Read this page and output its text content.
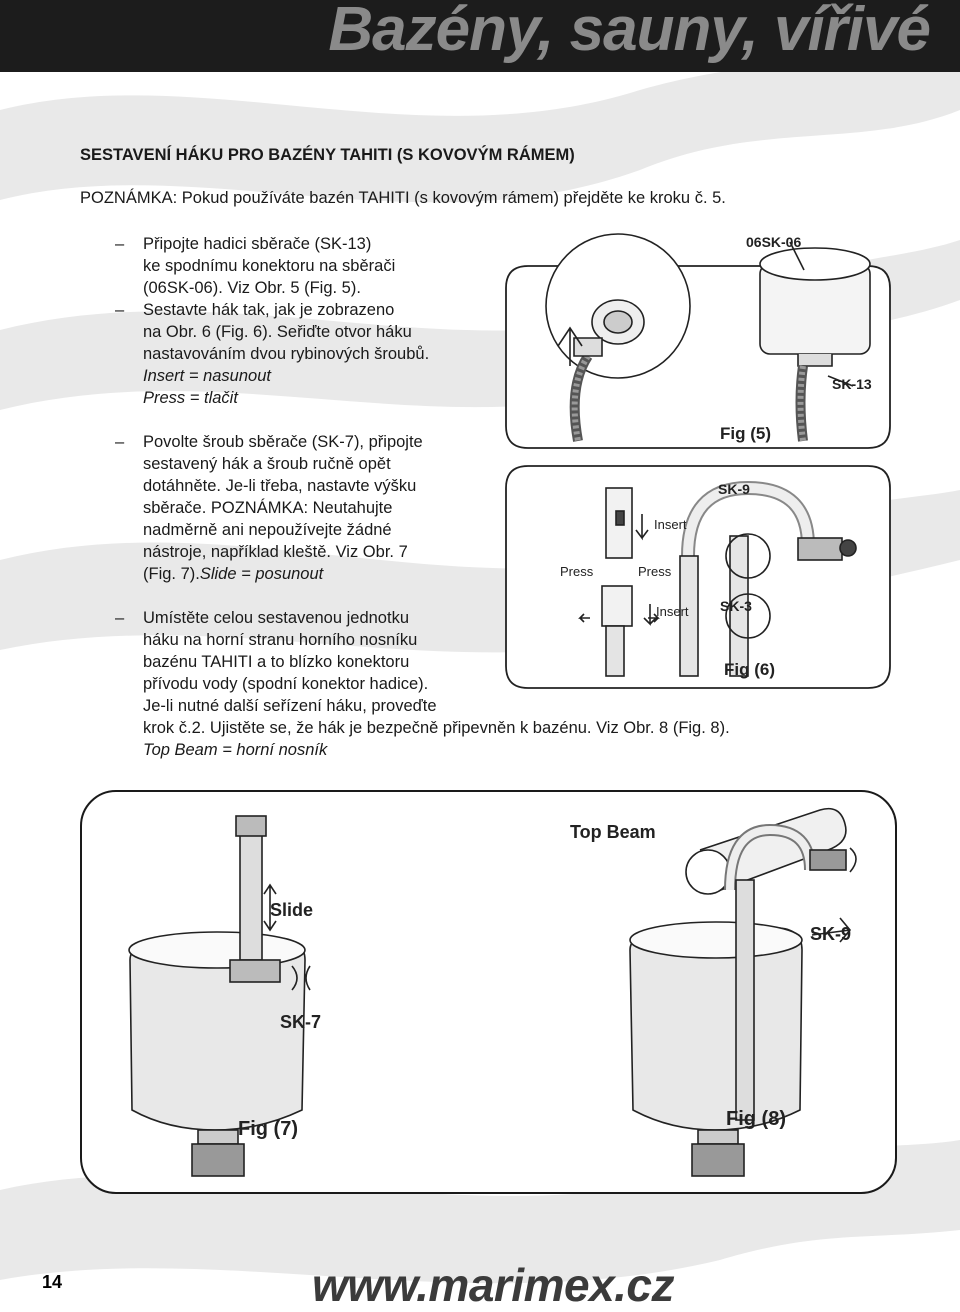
Bazény, sauny, vířivé
SESTAVENÍ HÁKU PRO BAZÉNY TAHITI (S KOVOVÝM RÁMEM)
POZNÁMKA: Pokud používáte bazén TAHITI (s kovovým rámem) přejděte ke kroku č. 5.
–	Připojte hadici sběrače (SK-13)
ke spodnímu konektoru na sběrači
(06SK-06). Viz Obr. 5 (Fig. 5).
–	Sestavte hák tak, jak je zobrazeno
na Obr. 6 (Fig. 6). Seřiďte otvor háku
nastavováním dvou rybinových šroubů.
Insert = nasunout
Press = tlačit
–	Povolte šroub sběrače (SK-7), připojte
sestavený hák a šroub ručně opět
dotáhněte. Je-li třeba, nastavte výšku
sběrače. POZNÁMKA: Neutahujte
nadměrně ani nepoužívejte žádné
nástroje, například kleště. Viz Obr. 7
(Fig. 7).Slide = posunout
–	Umístěte celou sestavenou jednotku
háku na horní stranu horního nosníku
bazénu TAHITI a to blízko konektoru
přívodu vody (spodní konektor hadice).
Je-li nutné další seřízení háku, proveďte
krok č.2. Ujistěte se, že hák je bezpečně připevněn k bazénu. Viz Obr. 8 (Fig. 8).
Top Beam = horní nosník
06SK-06
SK-13
Fig (5)
SK-9
Insert
Press	Press
Insert SK-3
Fig (6)
Slide
SK-7
Fig (7)
Top Beam
SK-9
Fig (8)
14	www.marimex.cz
